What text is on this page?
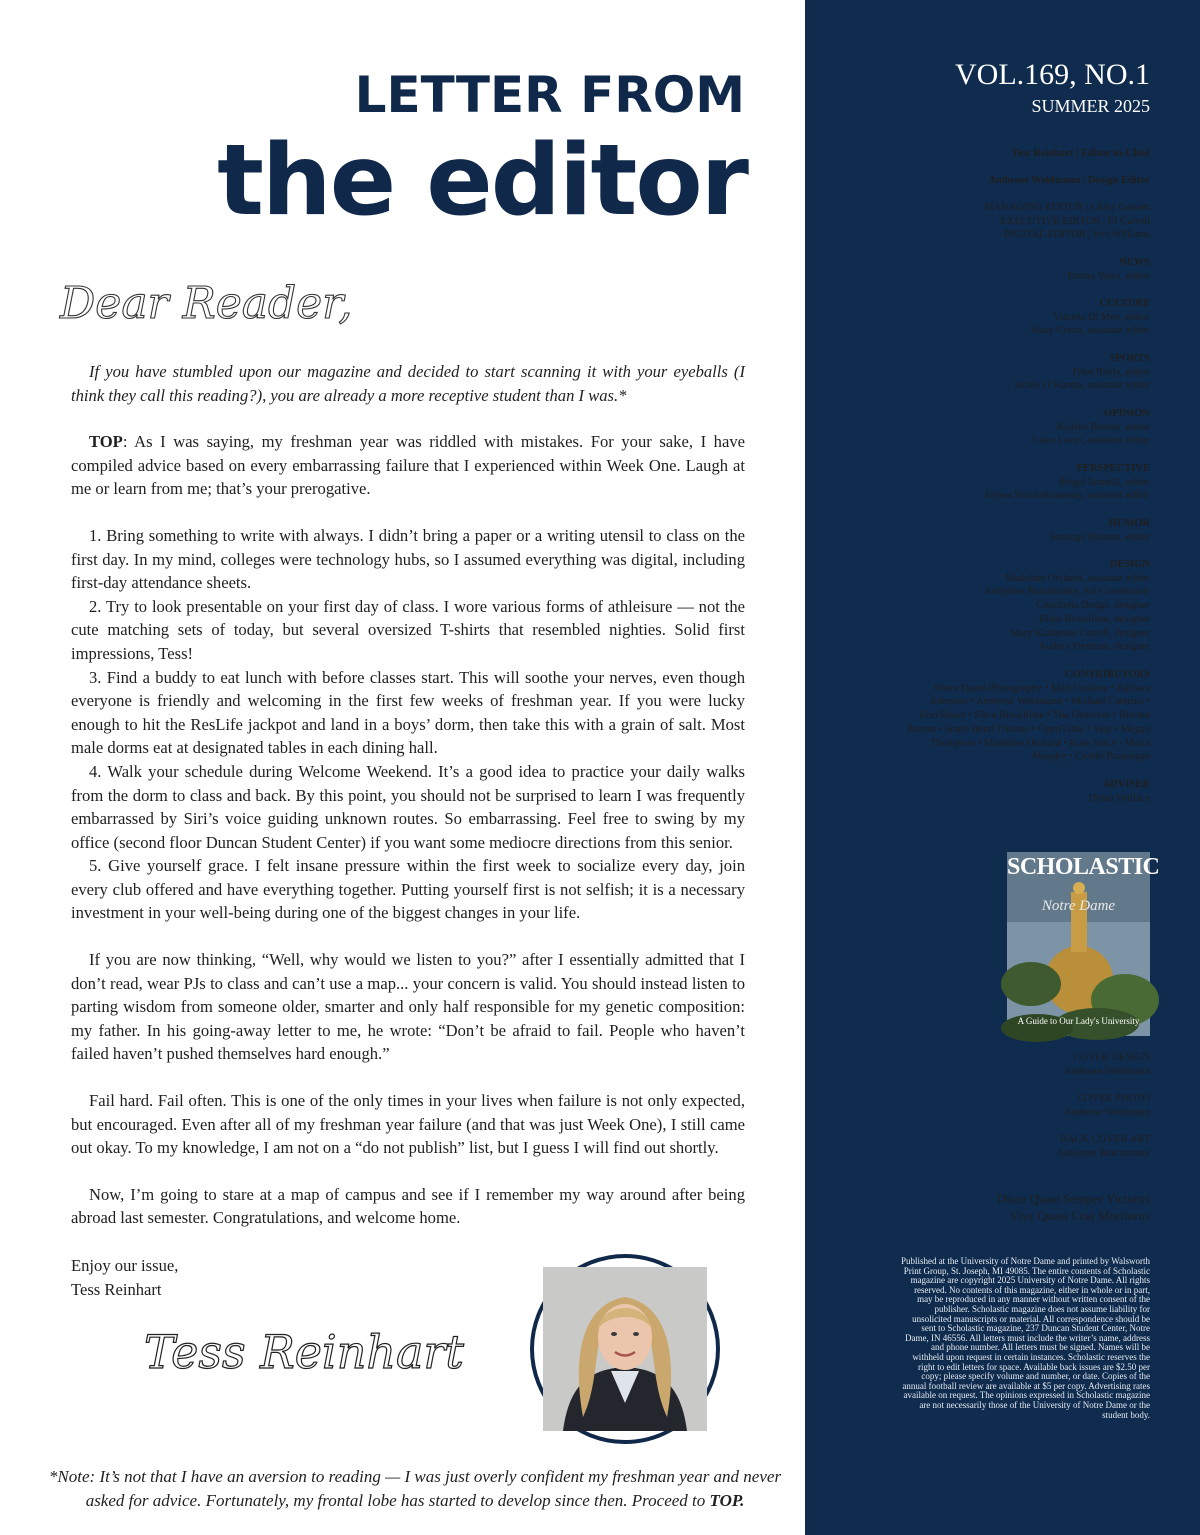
LETTER FROM
the editor
Dear Reader,

If you have stumbled upon our magazine and decided to start scanning it with your eyeballs (I think they call this reading?), you are already a more receptive student than I was.*

TOP: As I was saying, my freshman year was riddled with mistakes. For your sake, I have compiled advice based on every embarrassing failure that I experienced within Week One. Laugh at me or learn from me; that’s your prerogative.

1. Bring something to write with always. I didn’t bring a paper or a writing utensil to class on the first day. In my mind, colleges were technology hubs, so I assumed everything was digital, including first-day attendance sheets.

2. Try to look presentable on your first day of class. I wore various forms of athleisure — not the cute matching sets of today, but several oversized T-shirts that resembled nighties. Solid first impressions, Tess!

3. Find a buddy to eat lunch with before classes start. This will soothe your nerves, even though everyone is friendly and welcoming in the first few weeks of freshman year. If you were lucky enough to hit the ResLife jackpot and land in a boys’ dorm, then take this with a grain of salt. Most male dorms eat at designated tables in each dining hall.

4. Walk your schedule during Welcome Weekend. It’s a good idea to practice your daily walks from the dorm to class and back. By this point, you should not be surprised to learn I was frequently embarrassed by Siri’s voice guiding unknown routes. So embarrassing. Feel free to swing by my office (second floor Duncan Student Center) if you want some mediocre directions from this senior.

5. Give yourself grace. I felt insane pressure within the first week to socialize every day, join every club offered and have everything together. Putting yourself first is not selfish; it is a necessary investment in your well-being during one of the biggest changes in your life.

If you are now thinking, “Well, why would we listen to you?” after I essentially admitted that I don’t read, wear PJs to class and can’t use a map... your concern is valid. You should instead listen to parting wisdom from someone older, smarter and only half responsible for my genetic composition: my father. In his going-away letter to me, he wrote: “Don’t be afraid to fail. People who haven’t failed haven’t pushed themselves hard enough.”

Fail hard. Fail often. This is one of the only times in your lives when failure is not only expected, but encouraged. Even after all of my freshman year failure (and that was just Week One), I still came out okay. To my knowledge, I am not on a “do not publish” list, but I guess I will find out shortly.

Now, I’m going to stare at a map of campus and see if I remember my way around after being abroad last semester. Congratulations, and welcome home.

Enjoy our issue,
Tess Reinhart
Tess Reinhart
*Note: It’s not that I have an aversion to reading — I was just overly confident my freshman year and never asked for advice. Fortunately, my frontal lobe has started to develop since then. Proceed to TOP.
VOL.169, NO.1
SUMMER 2025
Tess Reinhart | Editor-in-Chief
Ambrose Weidmann | Design Editor
MANAGING EDITOR | Libby Garnett
EXECUTIVE EDITOR | PJ Carroll
DIGITAL EDITOR | Eva Williams
NEWS
Emma Vales, editor
CULTURE
Vittoria Di Meo, editor
Stacy Corzo, assistant editor
SPORTS
Tyler Reidy, editor
Jackie O’Karma, assistant editor
OPINION
Kaitlyn Boston, editor
Ciara Lavin, assistant editor
PERSPECTIVE
Brigid Iannelli, editor
Alyssa Sirichoktanasup, assistant editor
HUMOR
Santiago Ralston, editor
DESIGN
Madeline Orchard, assistant editor
Ashlynne Bracamonte, Art Coordinator
Conchetta Dodge, designer
Ellen Brouillette, designer
Mary Katherine Carroll, designer
Audrey Fremeau, designer
CONTRIBUTORS
Notre Dame Photography • Matt Cashore • Barbara
Johnston • Ambrose Weidmann • Michael Caterina •
Erin Bauer • Ellen Brouillette • The Observer • Brooke
Borton • South Bend Tribune • OpenTable • Yelp • Megan
Thompson • Madeline Orchard • Kate Sorce • Maria
Murphy • Caitlin Brannigan
ADVISER
Dylan Wallace
SCHOLASTIC
Notre Dame
A Guide to Our Lady's University
COVER DESIGN
Ambrose Weidmann
COVER PHOTO
Ambrose Weidmann
BACK COVER ART
Ashlynne Bracamonte
Disce Quasi Semper Victurus
Vive Quasi Cras Moriturus
Published at the University of Notre Dame and printed by Walsworth Print Group, St. Joseph, MI 49085. The entire contents of Scholastic magazine are copyright 2025 University of Notre Dame. All rights reserved. No contents of this magazine, either in whole or in part, may be reproduced in any manner without written consent of the publisher. Scholastic magazine does not assume liability for unsolicited manuscripts or material. All correspondence should be sent to Scholastic magazine, 237 Duncan Student Center, Notre Dame, IN 46556. All letters must include the writer’s name, address and phone number. All letters must be signed. Names will be withheld upon request in certain instances. Scholastic reserves the right to edit letters for space. Available back issues are $2.50 per copy; please specify volume and number, or date. Copies of the annual football review are available at $5 per copy. Advertising rates available on request. The opinions expressed in Scholastic magazine are not necessarily those of the University of Notre Dame or the student body.
